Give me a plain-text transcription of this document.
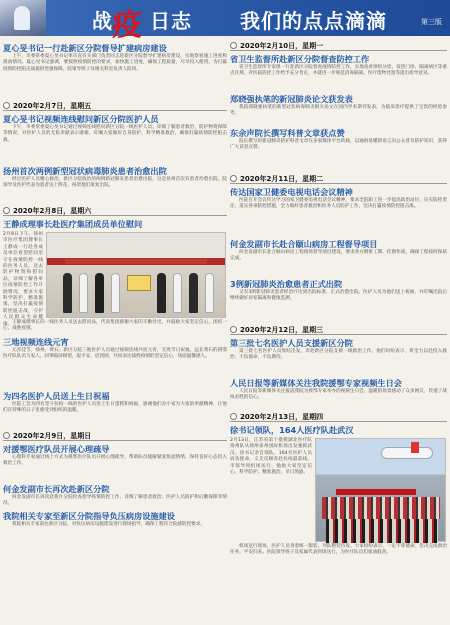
战 疫 日志 我们的点点滴滴	第三版
夏心旻书记一行赴新区分院督导扩建病房建设
上午，市委常委夏心旻书记率市直有关部门负责同志赴新区分院督导扩建病房建设，实地察看施工进度和准备情况。夏心旻书记强调，要按照疫情防控的要求，加快施工进度，确保工程质量，尽早投入使用，为打赢疫情防控阻击战提供坚强保障。院领导班子及相关科室负责人陪同。
2020年2月7日，星期五
夏心旻书记视频连线慰问新区分院医护人员
下午，市委常委夏心旻书记通过视频连线慰问新区分院一线医护人员，详细了解患者救治、防护物资保障等情况，对医护人员的无私奉献表示感谢，叮嘱大家做好自身防护，科学精准救治，确保打赢疫情防控阻击战。
扬州首次两例新型冠状病毒肺炎患者治愈出院
经过医护人员精心救治，新区分院收治的两例新冠肺炎患者治愈出院，这是扬州首次有患者治愈出院。院领导及医护代表为患者送上鲜花，祝贺他们康复出院。
2020年2月8日，星期六
王静成理事长赴医疗集团成员单位慰问
2月8日下午，扬州市医疗集团理事长王静成一行赴各成员单位看望慰问坚守在疫情防控一线的医务人员，送去防护物资和慰问品，详细了解各单位疫情防控工作开展情况，要求大家科学防护、精准施策，坚决打赢疫情防控阻击战，守护人民群众生命健康。 王静成理事长向一线医务人员送去慰问品，代表集团感谢大家的辛勤付出，并鼓励大家坚定信心，团结一心，战胜疫情。
三地视频连线元宵
元宵佳节，扬州、黄石、新区分院三地医护人员通过视频连线共度元宵，互致节日祝福。远在黄石的援鄂医疗队队员与家人、同事隔屏相望，报平安、话团圆，共同表达战胜疫情的坚定信心，场面温馨感人。
为四名医护人员送上生日祝福
医院工会为四名坚守抗疫一线的医护人员送上生日蛋糕和祝福，感谢他们舍小家为大家的奉献精神，让他们在特殊的日子里感受到组织的温暖。
2020年2月9日，星期日
对援鄂医疗队员开展心理疏导
心理科专家通过线上方式为援鄂医疗队员开展心理疏导，帮助队员缓解紧张焦虑情绪，保持良好心态投入救治工作。
何金发副市长再次赴新区分院
何金发副市长再次赴新区分院检查指导疫情防控工作，详细了解患者救治、医护人员防护和后勤保障等情况。
我院相关专家至新区分院指导负压病房设施建设
我院相关专家前往新区分院，对负压病房设施建设进行现场指导，确保工程符合院感防控要求。
2020年2月10日，星期一
省卫生监督所赴新区分院督查防控工作
省卫生监督所专家组一行赴新区分院督查疫情防控工作，实地查看预检分诊、发热门诊、隔离病区等重点区域，对医院防控工作给予充分肯定，并就进一步规范消毒隔离、医疗废物处置等提出指导意见。
郑晓强执笔的新冠肺炎论文获发表
我院郑晓强执笔的新型冠状病毒肺炎相关论文在国内学术期刊发表，为临床诊疗提供了宝贵的经验参考。
东余声院长撰写科普文章获点赞
院长撰写的新冠肺炎防护科普文章在多家媒体平台转载，以通俗易懂的语言向公众普及防护知识，获得广大读者点赞。
2020年2月11日，星期二
传达国家卫健委电视电话会议精神
医院召开会议传达学习国家卫健委电视电话会议精神，要求全院职工进一步提高政治站位，压实防控责任，落实各项防控措施，全力做好患者救治和医务人员防护工作，坚决打赢疫情防控阻击战。
何金发副市长赴合颐山病房工程督导项目
何金发副市长赴合颐山病房工程现场督导项目建设，要求各方倒排工期、挂图作战，确保工程按时保质完成。
3例新冠肺炎治愈患者正式出院
又有3例新冠肺炎患者经治疗达到出院标准，正式治愈出院。医护人员为他们送上祝福，并叮嘱出院后继续做好居家隔离和健康监测。
2020年2月12日，星期三
第三批七名医护人员支援新区分院
第三批七名医护人员集结出发，奔赴新区分院支援一线救治工作。他们纷纷表示，将全力以赴投入救治，不负使命，不负期待。
人民日报等新媒体关注我院援鄂专家视频生日会
人民日报等新媒体关注报道我院为援鄂专家举办的视频生日会，温暖的场景感动了众多网友，传递了战疫必胜的信心。
2020年2月13日，星期四
徐书记领队，164人医疗队赴武汉
2月13日，江苏省第十批援湖北医疗队扬州队从扬州泰州国际机场出发驰援武汉。徐书记亲自领队，164名医护人员肩负使命，义无反顾奔赴抗疫最前线。市领导到机场送行，勉励大家坚定信心、科学防护、精准施治，早日凯旋。
机场送行现场，医护人员身着统一服装，列队整装待发。大家纷纷表示，一定不辱使命，坚决完成救治任务，平安归来。医院领导班子及家属代表到场送行，为医疗队员们加油鼓劲。
